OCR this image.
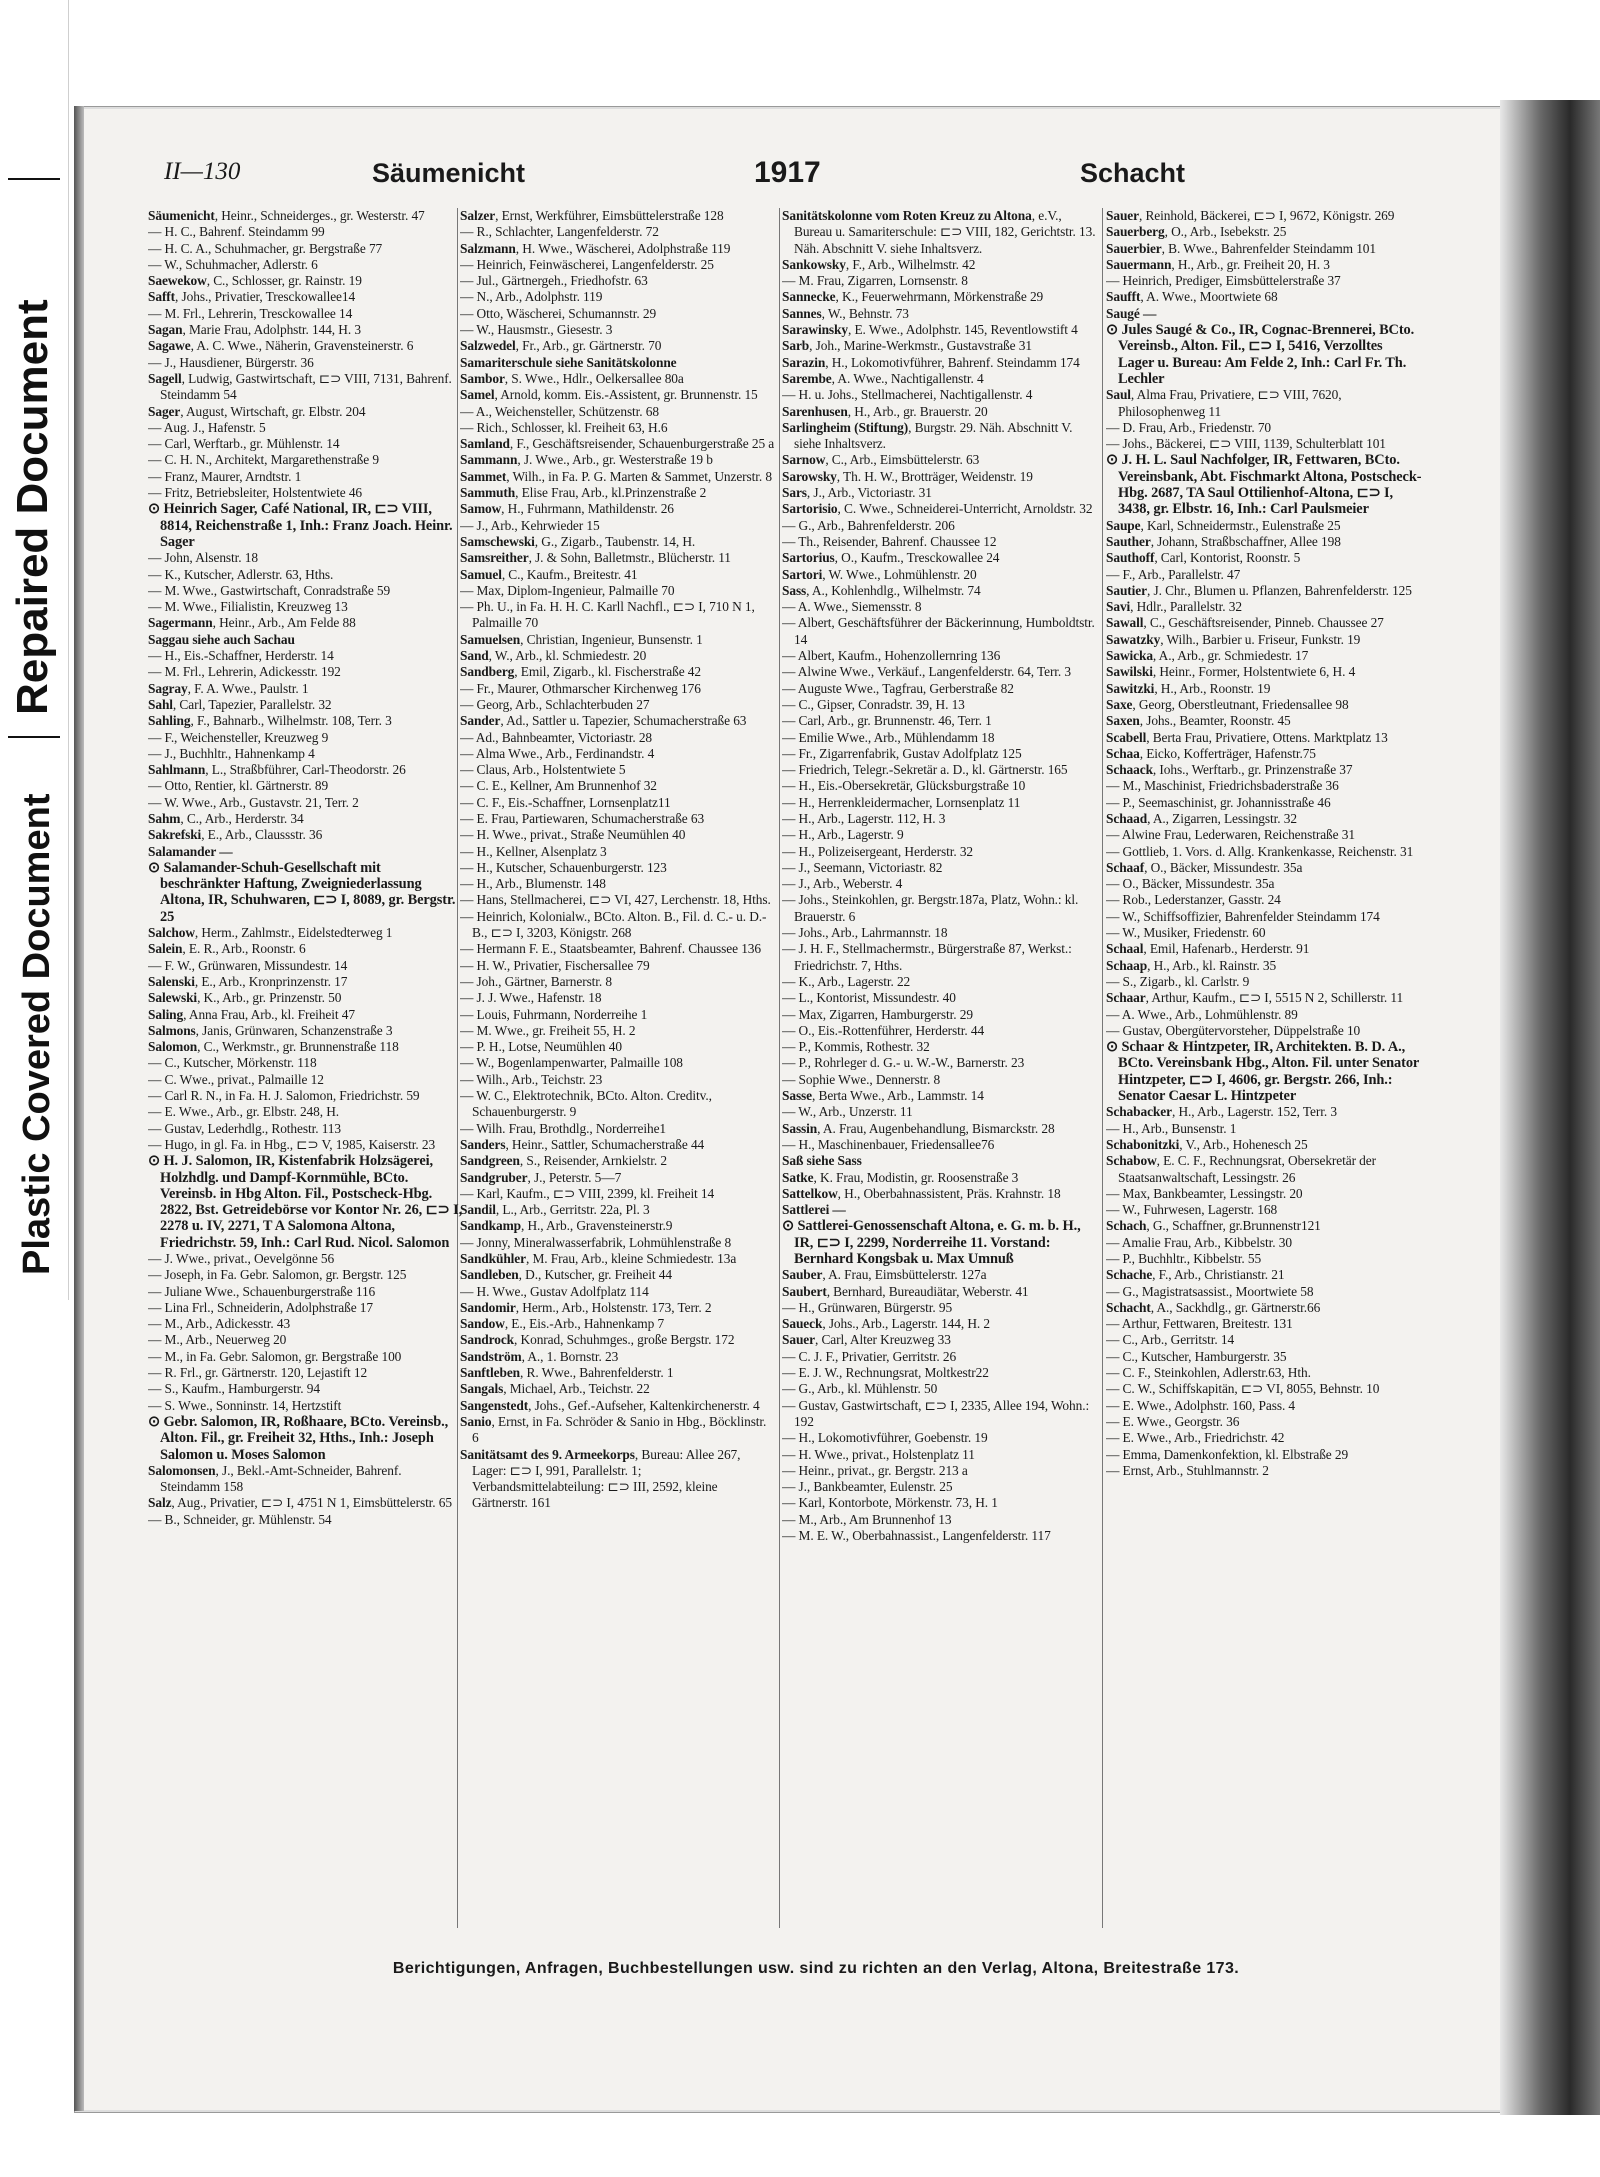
Repaired Document
Plastic Covered Document
II—130	Säumenicht	1917	Schacht

Säumenicht, Heinr., Schneiderges., gr. Westerstr. 47

— H. C., Bahrenf. Steindamm 99

— H. C. A., Schuhmacher, gr. Bergstraße 77

— W., Schuhmacher, Adlerstr. 6

Saewekow, C., Schlosser, gr. Rainstr. 19

Safft, Johs., Privatier, Tresckowallee14

— M. Frl., Lehrerin, Tresckowallee 14

Sagan, Marie Frau, Adolphstr. 144, H. 3

Sagawe, A. C. Wwe., Näherin, Gravensteinerstr. 6

— J., Hausdiener, Bürgerstr. 36

Sagell, Ludwig, Gastwirtschaft, ⊏⊃ VIII, 7131, Bahrenf. Steindamm 54

Sager, August, Wirtschaft, gr. Elbstr. 204

— Aug. J., Hafenstr. 5

— Carl, Werftarb., gr. Mühlenstr. 14

— C. H. N., Architekt, Margarethenstraße 9

— Franz, Maurer, Arndtstr. 1

— Fritz, Betriebsleiter, Holstentwiete 46

⊙ Heinrich Sager, Café National, IR, ⊏⊃ VIII, 8814, Reichenstraße 1, Inh.: Franz Joach. Heinr. Sager

— John, Alsenstr. 18

— K., Kutscher, Adlerstr. 63, Hths.

— M. Wwe., Gastwirtschaft, Conradstraße 59

— M. Wwe., Filialistin, Kreuzweg 13

Sagermann, Heinr., Arb., Am Felde 88

Saggau siehe auch Sachau

— H., Eis.-Schaffner, Herderstr. 14

— M. Frl., Lehrerin, Adickesstr. 192

Sagray, F. A. Wwe., Paulstr. 1

Sahl, Carl, Tapezier, Parallelstr. 32

Sahling, F., Bahnarb., Wilhelmstr. 108, Terr. 3

— F., Weichensteller, Kreuzweg 9

— J., Buchhltr., Hahnenkamp 4

Sahlmann, L., Straßbführer, Carl-Theodorstr. 26

— Otto, Rentier, kl. Gärtnerstr. 89

— W. Wwe., Arb., Gustavstr. 21, Terr. 2

Sahm, C., Arb., Herderstr. 34

Sakrefski, E., Arb., Claussstr. 36

Salamander —

⊙ Salamander-Schuh-Gesellschaft mit beschränkter Haftung, Zweigniederlassung Altona, IR, Schuhwaren, ⊏⊃ I, 8089, gr. Bergstr. 25

Salchow, Herm., Zahlmstr., Eidelstedterweg 1

Salein, E. R., Arb., Roonstr. 6

— F. W., Grünwaren, Missundestr. 14

Salenski, E., Arb., Kronprinzenstr. 17

Salewski, K., Arb., gr. Prinzenstr. 50

Saling, Anna Frau, Arb., kl. Freiheit 47

Salmons, Janis, Grünwaren, Schanzenstraße 3

Salomon, C., Werkmstr., gr. Brunnenstraße 118

— C., Kutscher, Mörkenstr. 118

— C. Wwe., privat., Palmaille 12

— Carl R. N., in Fa. H. J. Salomon, Friedrichstr. 59

— E. Wwe., Arb., gr. Elbstr. 248, H.

— Gustav, Lederhdlg., Rothestr. 113

— Hugo, in gl. Fa. in Hbg., ⊏⊃ V, 1985, Kaiserstr. 23

⊙ H. J. Salomon, IR, Kistenfabrik Holzsägerei, Holzhdlg. und Dampf-Kornmühle, BCto. Vereinsb. in Hbg Alton. Fil., Postscheck-Hbg. 2822, Bst. Getreidebörse vor Kontor Nr. 26, ⊏⊃ I, 2278 u. IV, 2271, T A Salomona Altona, Friedrichstr. 59, Inh.: Carl Rud. Nicol. Salomon

— J. Wwe., privat., Oevelgönne 56

— Joseph, in Fa. Gebr. Salomon, gr. Bergstr. 125

— Juliane Wwe., Schauenburgerstraße 116

— Lina Frl., Schneiderin, Adolphstraße 17

— M., Arb., Adickesstr. 43

— M., Arb., Neuerweg 20

— M., in Fa. Gebr. Salomon, gr. Bergstraße 100

— R. Frl., gr. Gärtnerstr. 120, Lejastift 12

— S., Kaufm., Hamburgerstr. 94

— S. Wwe., Sonninstr. 14, Hertzstift

⊙ Gebr. Salomon, IR, Roßhaare, BCto. Vereinsb., Alton. Fil., gr. Freiheit 32, Hths., Inh.: Joseph Salomon u. Moses Salomon

Salomonsen, J., Bekl.-Amt-Schneider, Bahrenf. Steindamm 158

Salz, Aug., Privatier, ⊏⊃ I, 4751 N 1, Eimsbüttelerstr. 65

— B., Schneider, gr. Mühlenstr. 54

Salzer, Ernst, Werkführer, Eimsbüttelerstraße 128

— R., Schlachter, Langenfelderstr. 72

Salzmann, H. Wwe., Wäscherei, Adolphstraße 119

— Heinrich, Feinwäscherei, Langenfelderstr. 25

— Jul., Gärtnergeh., Friedhofstr. 63

— N., Arb., Adolphstr. 119

— Otto, Wäscherei, Schumannstr. 29

— W., Hausmstr., Giesestr. 3

Salzwedel, Fr., Arb., gr. Gärtnerstr. 70

Samariterschule siehe Sanitätskolonne

Sambor, S. Wwe., Hdlr., Oelkersallee 80a

Samel, Arnold, komm. Eis.-Assistent, gr. Brunnenstr. 15

— A., Weichensteller, Schützenstr. 68

— Rich., Schlosser, kl. Freiheit 63, H.6

Samland, F., Geschäftsreisender, Schauenburgerstraße 25 a

Sammann, J. Wwe., Arb., gr. Westerstraße 19 b

Sammet, Wilh., in Fa. P. G. Marten & Sammet, Unzerstr. 8

Sammuth, Elise Frau, Arb., kl.Prinzenstraße 2

Samow, H., Fuhrmann, Mathildenstr. 26

— J., Arb., Kehrwieder 15

Samschewski, G., Zigarb., Taubenstr. 14, H.

Samsreither, J. & Sohn, Balletmstr., Blücherstr. 11

Samuel, C., Kaufm., Breitestr. 41

— Max, Diplom-Ingenieur, Palmaille 70

— Ph. U., in Fa. H. H. C. Karll Nachfl., ⊏⊃ I, 710 N 1, Palmaille 70

Samuelsen, Christian, Ingenieur, Bunsenstr. 1

Sand, W., Arb., kl. Schmiedestr. 20

Sandberg, Emil, Zigarb., kl. Fischerstraße 42

— Fr., Maurer, Othmarscher Kirchenweg 176

— Georg, Arb., Schlachterbuden 27

Sander, Ad., Sattler u. Tapezier, Schumacherstraße 63

— Ad., Bahnbeamter, Victoriastr. 28

— Alma Wwe., Arb., Ferdinandstr. 4

— Claus, Arb., Holstentwiete 5

— C. E., Kellner, Am Brunnenhof 32

— C. F., Eis.-Schaffner, Lornsenplatz11

— E. Frau, Partiewaren, Schumacherstraße 63

— H. Wwe., privat., Straße Neumühlen 40

— H., Kellner, Alsenplatz 3

— H., Kutscher, Schauenburgerstr. 123

— H., Arb., Blumenstr. 148

— Hans, Stellmacherei, ⊏⊃ VI, 427, Lerchenstr. 18, Hths.

— Heinrich, Kolonialw., BCto. Alton. B., Fil. d. C.- u. D.-B., ⊏⊃ I, 3203, Königstr. 268

— Hermann F. E., Staatsbeamter, Bahrenf. Chaussee 136

— H. W., Privatier, Fischersallee 79

— Joh., Gärtner, Barnerstr. 8

— J. J. Wwe., Hafenstr. 18

— Louis, Fuhrmann, Norderreihe 1

— M. Wwe., gr. Freiheit 55, H. 2

— P. H., Lotse, Neumühlen 40

— W., Bogenlampenwarter, Palmaille 108

— Wilh., Arb., Teichstr. 23

— W. C., Elektrotechnik, BCto. Alton. Creditv., Schauenburgerstr. 9

— Wilh. Frau, Brothdlg., Norderreihe1

Sanders, Heinr., Sattler, Schumacherstraße 44

Sandgreen, S., Reisender, Arnkielstr. 2

Sandgruber, J., Peterstr. 5—7

— Karl, Kaufm., ⊏⊃ VIII, 2399, kl. Freiheit 14

Sandil, L., Arb., Gerritstr. 22a, Pl. 3

Sandkamp, H., Arb., Gravensteinerstr.9

— Jonny, Mineralwasserfabrik, Lohmühlenstraße 8

Sandkühler, M. Frau, Arb., kleine Schmiedestr. 13a

Sandleben, D., Kutscher, gr. Freiheit 44

— H. Wwe., Gustav Adolfplatz 114

Sandomir, Herm., Arb., Holstenstr. 173, Terr. 2

Sandow, E., Eis.-Arb., Hahnenkamp 7

Sandrock, Konrad, Schuhmges., große Bergstr. 172

Sandström, A., 1. Bornstr. 23

Sanftleben, R. Wwe., Bahrenfelderstr. 1

Sangals, Michael, Arb., Teichstr. 22

Sangenstedt, Johs., Gef.-Aufseher, Kaltenkirchenerstr. 4

Sanio, Ernst, in Fa. Schröder & Sanio in Hbg., Böcklinstr. 6

Sanitätsamt des 9. Armeekorps, Bureau: Allee 267, Lager: ⊏⊃ I, 991, Parallelstr. 1; Verbandsmittelabteilung: ⊏⊃ III, 2592, kleine Gärtnerstr. 161

Sanitätskolonne vom Roten Kreuz zu Altona, e.V., Bureau u. Samariterschule: ⊏⊃ VIII, 182, Gerichtstr. 13. Näh. Abschnitt V. siehe Inhaltsverz.

Sankowsky, F., Arb., Wilhelmstr. 42

— M. Frau, Zigarren, Lornsenstr. 8

Sannecke, K., Feuerwehrmann, Mörkenstraße 29

Sannes, W., Behnstr. 73

Sarawinsky, E. Wwe., Adolphstr. 145, Reventlowstift 4

Sarb, Joh., Marine-Werkmstr., Gustavstraße 31

Sarazin, H., Lokomotivführer, Bahrenf. Steindamm 174

Sarembe, A. Wwe., Nachtigallenstr. 4

— H. u. Johs., Stellmacherei, Nachtigallenstr. 4

Sarenhusen, H., Arb., gr. Brauerstr. 20

Sarlingheim (Stiftung), Burgstr. 29. Näh. Abschnitt V. siehe Inhaltsverz.

Sarnow, C., Arb., Eimsbüttelerstr. 63

Sarowsky, Th. H. W., Brotträger, Weidenstr. 19

Sars, J., Arb., Victoriastr. 31

Sartorisio, C. Wwe., Schneiderei-Unterricht, Arnoldstr. 32

— G., Arb., Bahrenfelderstr. 206

— Th., Reisender, Bahrenf. Chaussee 12

Sartorius, O., Kaufm., Tresckowallee 24

Sartori, W. Wwe., Lohmühlenstr. 20

Sass, A., Kohlenhdlg., Wilhelmstr. 74

— A. Wwe., Siemensstr. 8

— Albert, Geschäftsführer der Bäckerinnung, Humboldtstr. 14

— Albert, Kaufm., Hohenzollernring 136

— Alwine Wwe., Verkäuf., Langenfelderstr. 64, Terr. 3

— Auguste Wwe., Tagfrau, Gerberstraße 82

— C., Gipser, Conradstr. 39, H. 13

— Carl, Arb., gr. Brunnenstr. 46, Terr. 1

— Emilie Wwe., Arb., Mühlendamm 18

— Fr., Zigarrenfabrik, Gustav Adolfplatz 125

— Friedrich, Telegr.-Sekretär a. D., kl. Gärtnerstr. 165

— H., Eis.-Obersekretär, Glücksburgstraße 10

— H., Herrenkleidermacher, Lornsenplatz 11

— H., Arb., Lagerstr. 112, H. 3

— H., Arb., Lagerstr. 9

— H., Polizeisergeant, Herderstr. 32

— J., Seemann, Victoriastr. 82

— J., Arb., Weberstr. 4

— Johs., Steinkohlen, gr. Bergstr.187a, Platz, Wohn.: kl. Brauerstr. 6

— Johs., Arb., Lahrmannstr. 18

— J. H. F., Stellmachermstr., Bürgerstraße 87, Werkst.: Friedrichstr. 7, Hths.

— K., Arb., Lagerstr. 22

— L., Kontorist, Missundestr. 40

— Max, Zigarren, Hamburgerstr. 29

— O., Eis.-Rottenführer, Herderstr. 44

— P., Kommis, Rothestr. 32

— P., Rohrleger d. G.- u. W.-W., Barnerstr. 23

— Sophie Wwe., Dennerstr. 8

Sasse, Berta Wwe., Arb., Lammstr. 14

— W., Arb., Unzerstr. 11

Sassin, A. Frau, Augenbehandlung, Bismarckstr. 28

— H., Maschinenbauer, Friedensallee76

Saß siehe Sass

Satke, K. Frau, Modistin, gr. Roosenstraße 3

Sattelkow, H., Oberbahnassistent, Präs. Krahnstr. 18

Sattlerei —

⊙ Sattlerei-Genossenschaft Altona, e. G. m. b. H., IR, ⊏⊃ I, 2299, Norderreihe 11. Vorstand: Bernhard Kongsbak u. Max Umnuß

Sauber, A. Frau, Eimsbüttelerstr. 127a

Saubert, Bernhard, Bureaudiätar, Weberstr. 41

— H., Grünwaren, Bürgerstr. 95

Saueck, Johs., Arb., Lagerstr. 144, H. 2

Sauer, Carl, Alter Kreuzweg 33

— C. J. F., Privatier, Gerritstr. 26

— E. J. W., Rechnungsrat, Moltkestr22

— G., Arb., kl. Mühlenstr. 50

— Gustav, Gastwirtschaft, ⊏⊃ I, 2335, Allee 194, Wohn.: 192

— H., Lokomotivführer, Goebenstr. 19

— H. Wwe., privat., Holstenplatz 11

— Heinr., privat., gr. Bergstr. 213 a

— J., Bankbeamter, Eulenstr. 25

— Karl, Kontorbote, Mörkenstr. 73, H. 1

— M., Arb., Am Brunnenhof 13

— M. E. W., Oberbahnassist., Langenfelderstr. 117

Sauer, Reinhold, Bäckerei, ⊏⊃ I, 9672, Königstr. 269

Sauerberg, O., Arb., Isebekstr. 25

Sauerbier, B. Wwe., Bahrenfelder Steindamm 101

Sauermann, H., Arb., gr. Freiheit 20, H. 3

— Heinrich, Prediger, Eimsbüttelerstraße 37

Saufft, A. Wwe., Moortwiete 68

Saugé —

⊙ Jules Saugé & Co., IR, Cognac-Brennerei, BCto. Vereinsb., Alton. Fil., ⊏⊃ I, 5416, Verzolltes Lager u. Bureau: Am Felde 2, Inh.: Carl Fr. Th. Lechler

Saul, Alma Frau, Privatiere, ⊏⊃ VIII, 7620, Philosophenweg 11

— D. Frau, Arb., Friedenstr. 70

— Johs., Bäckerei, ⊏⊃ VIII, 1139, Schulterblatt 101

⊙ J. H. L. Saul Nachfolger, IR, Fettwaren, BCto. Vereinsbank, Abt. Fischmarkt Altona, Postscheck-Hbg. 2687, TA Saul Ottilienhof-Altona, ⊏⊃ I, 3438, gr. Elbstr. 16, Inh.: Carl Paulsmeier

Saupe, Karl, Schneidermstr., Eulenstraße 25

Sauther, Johann, Straßbschaffner, Allee 198

Sauthoff, Carl, Kontorist, Roonstr. 5

— F., Arb., Parallelstr. 47

Sautier, J. Chr., Blumen u. Pflanzen, Bahrenfelderstr. 125

Savi, Hdlr., Parallelstr. 32

Sawall, C., Geschäftsreisender, Pinneb. Chaussee 27

Sawatzky, Wilh., Barbier u. Friseur, Funkstr. 19

Sawicka, A., Arb., gr. Schmiedestr. 17

Sawilski, Heinr., Former, Holstentwiete 6, H. 4

Sawitzki, H., Arb., Roonstr. 19

Saxe, Georg, Oberstleutnant, Friedensallee 98

Saxen, Johs., Beamter, Roonstr. 45

Scabell, Berta Frau, Privatiere, Ottens. Marktplatz 13

Schaa, Eicko, Kofferträger, Hafenstr.75

Schaack, Iohs., Werftarb., gr. Prinzenstraße 37

— M., Maschinist, Friedrichsbaderstraße 36

— P., Seemaschinist, gr. Johannisstraße 46

Schaad, A., Zigarren, Lessingstr. 32

— Alwine Frau, Lederwaren, Reichenstraße 31

— Gottlieb, 1. Vors. d. Allg. Krankenkasse, Reichenstr. 31

Schaaf, O., Bäcker, Missundestr. 35a

— O., Bäcker, Missundestr. 35a

— Rob., Lederstanzer, Gasstr. 24

— W., Schiffsoffizier, Bahrenfelder Steindamm 174

— W., Musiker, Friedenstr. 60

Schaal, Emil, Hafenarb., Herderstr. 91

Schaap, H., Arb., kl. Rainstr. 35

— S., Zigarb., kl. Carlstr. 9

Schaar, Arthur, Kaufm., ⊏⊃ I, 5515 N 2, Schillerstr. 11

— A. Wwe., Arb., Lohmühlenstr. 89

— Gustav, Obergütervorsteher, Düppelstraße 10

⊙ Schaar & Hintzpeter, IR, Architekten. B. D. A., BCto. Vereinsbank Hbg., Alton. Fil. unter Senator Hintzpeter, ⊏⊃ I, 4606, gr. Bergstr. 266, Inh.: Senator Caesar L. Hintzpeter

Schabacker, H., Arb., Lagerstr. 152, Terr. 3

— H., Arb., Bunsenstr. 1

Schabonitzki, V., Arb., Hohenesch 25

Schabow, E. C. F., Rechnungsrat, Obersekretär der Staatsanwaltschaft, Lessingstr. 26

— Max, Bankbeamter, Lessingstr. 20

— W., Fuhrwesen, Lagerstr. 168

Schach, G., Schaffner, gr.Brunnenstr121

— Amalie Frau, Arb., Kibbelstr. 30

— P., Buchhltr., Kibbelstr. 55

Schache, F., Arb., Christianstr. 21

— G., Magistratsassist., Moortwiete 58

Schacht, A., Sackhdlg., gr. Gärtnerstr.66

— Arthur, Fettwaren, Breitestr. 131

— C., Arb., Gerritstr. 14

— C., Kutscher, Hamburgerstr. 35

— C. F., Steinkohlen, Adlerstr.63, Hth.

— C. W., Schiffskapitän, ⊏⊃ VI, 8055, Behnstr. 10

— E. Wwe., Adolphstr. 160, Pass. 4

— E. Wwe., Georgstr. 36

— E. Wwe., Arb., Friedrichstr. 42

— Emma, Damenkonfektion, kl. Elbstraße 29

— Ernst, Arb., Stuhlmannstr. 2

Berichtigungen, Anfragen, Buchbestellungen usw. sind zu richten an den Verlag, Altona, Breitestraße 173.
